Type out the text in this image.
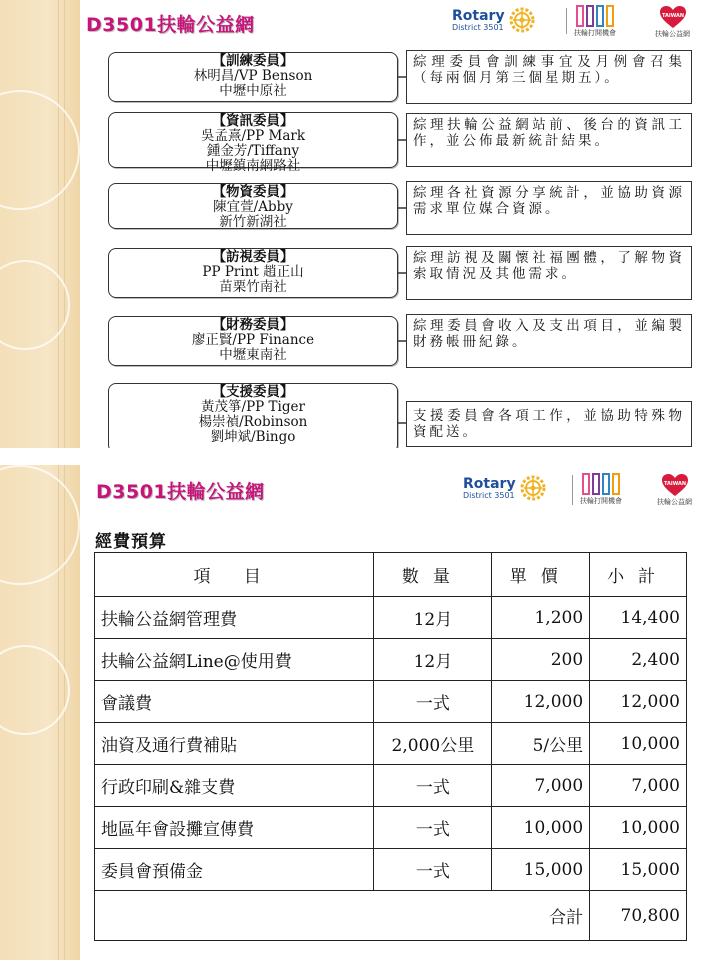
D3501扶輪公益網	Rotary
District 3501
扶輪打開機會
TAIWAN
扶輪公益網
【訓練委員】
林明昌/VP Benson
中壢中原社
綜理委員會訓練事宜及月例會召集（每兩個月第三個星期五）。
【資訊委員】
吳孟熹/PP Mark
鍾金芳/Tiffany
中壢鎮南網路社
綜理扶輪公益網站前、後台的資訊工作，並公佈最新統計結果。
【物資委員】
陳宜萱/Abby
新竹新湖社
綜理各社資源分享統計，並協助資源需求單位媒合資源。
【訪視委員】
PP Print 趙正山
苗栗竹南社
綜理訪視及關懷社福團體，了解物資索取情況及其他需求。
【財務委員】
廖正賢/PP Finance
中壢東南社
綜理委員會收入及支出項目，並編製財務帳冊紀錄。
【支援委員】
黃茂箏/PP Tiger
楊崇禎/Robinson
劉坤斌/Bingo
支援委員會各項工作，並協助特殊物資配送。
D3501扶輪公益網	Rotary
District 3501
扶輪打開機會
TAIWAN
扶輪公益網
經費預算
項 目	數量	單價	小計
扶輪公益網管理費	12月	1,200	14,400
扶輪公益網Line@使用費	12月	200	2,400
會議費	一式	12,000	12,000
油資及通行費補貼	2,000公里	5/公里	10,000
行政印刷&雜支費	一式	7,000	7,000
地區年會設攤宣傳費	一式	10,000	10,000
委員會預備金	一式	15,000	15,000
合計			70,800
